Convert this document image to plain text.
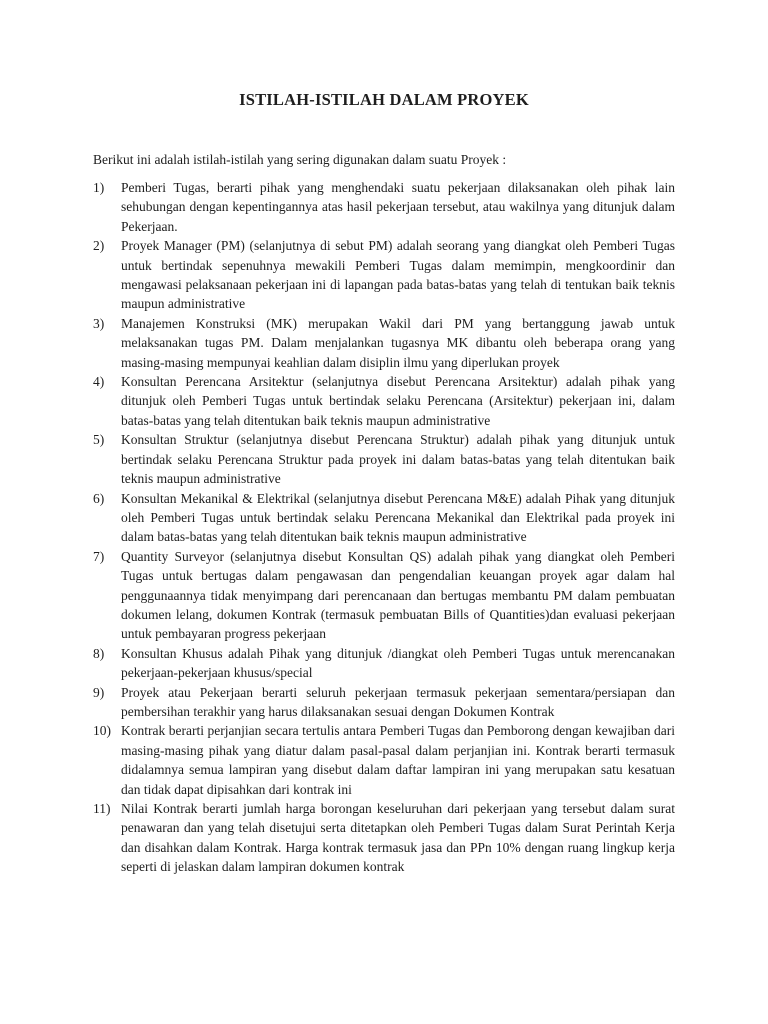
ISTILAH-ISTILAH DALAM PROYEK
Berikut ini adalah istilah-istilah yang sering digunakan dalam suatu Proyek :
1)	Pemberi Tugas, berarti pihak yang menghendaki suatu pekerjaan dilaksanakan oleh pihak lain sehubungan dengan kepentingannya atas hasil pekerjaan tersebut, atau wakilnya yang ditunjuk dalam Pekerjaan.
2)	Proyek Manager (PM) (selanjutnya di sebut PM) adalah seorang yang diangkat oleh Pemberi Tugas untuk bertindak sepenuhnya mewakili Pemberi Tugas dalam memimpin, mengkoordinir dan mengawasi pelaksanaan pekerjaan ini di lapangan pada batas-batas yang telah di tentukan baik teknis maupun administrative
3)	Manajemen Konstruksi (MK) merupakan Wakil dari PM yang bertanggung jawab untuk melaksanakan tugas PM. Dalam menjalankan tugasnya MK dibantu oleh beberapa orang yang masing-masing mempunyai keahlian dalam disiplin ilmu yang diperlukan proyek
4)	Konsultan Perencana Arsitektur (selanjutnya disebut Perencana Arsitektur) adalah pihak yang ditunjuk oleh Pemberi Tugas untuk bertindak selaku Perencana (Arsitektur) pekerjaan ini, dalam batas-batas yang telah ditentukan baik teknis maupun administrative
5)	Konsultan Struktur (selanjutnya disebut Perencana Struktur) adalah pihak yang ditunjuk untuk bertindak selaku Perencana Struktur pada proyek ini dalam batas-batas yang telah ditentukan baik teknis maupun administrative
6)	Konsultan Mekanikal & Elektrikal (selanjutnya disebut Perencana M&E) adalah Pihak yang ditunjuk oleh Pemberi Tugas untuk bertindak selaku Perencana Mekanikal dan Elektrikal pada proyek ini dalam batas-batas yang telah ditentukan baik teknis maupun administrative
7)	Quantity Surveyor (selanjutnya disebut Konsultan QS) adalah pihak yang diangkat oleh Pemberi Tugas untuk bertugas dalam pengawasan dan pengendalian keuangan proyek agar dalam hal penggunaannya tidak menyimpang dari perencanaan dan bertugas membantu PM dalam pembuatan dokumen lelang, dokumen Kontrak (termasuk pembuatan Bills of Quantities)dan evaluasi pekerjaan untuk pembayaran progress pekerjaan
8)	Konsultan Khusus adalah Pihak yang ditunjuk /diangkat oleh Pemberi Tugas untuk merencanakan pekerjaan-pekerjaan khusus/special
9)	Proyek atau Pekerjaan berarti seluruh pekerjaan termasuk pekerjaan sementara/persiapan dan pembersihan terakhir yang harus dilaksanakan sesuai dengan Dokumen Kontrak
10) Kontrak berarti perjanjian secara tertulis antara Pemberi Tugas dan Pemborong dengan kewajiban dari masing-masing pihak yang diatur dalam pasal-pasal dalam perjanjian ini. Kontrak berarti termasuk didalamnya semua lampiran yang disebut dalam daftar lampiran ini yang merupakan satu kesatuan dan tidak dapat dipisahkan dari kontrak ini
11) Nilai Kontrak berarti jumlah harga borongan keseluruhan dari pekerjaan yang tersebut dalam surat penawaran dan yang telah disetujui serta ditetapkan oleh Pemberi Tugas dalam Surat Perintah Kerja dan disahkan dalam Kontrak. Harga kontrak termasuk jasa dan PPn 10% dengan ruang lingkup kerja seperti di jelaskan dalam lampiran dokumen kontrak
